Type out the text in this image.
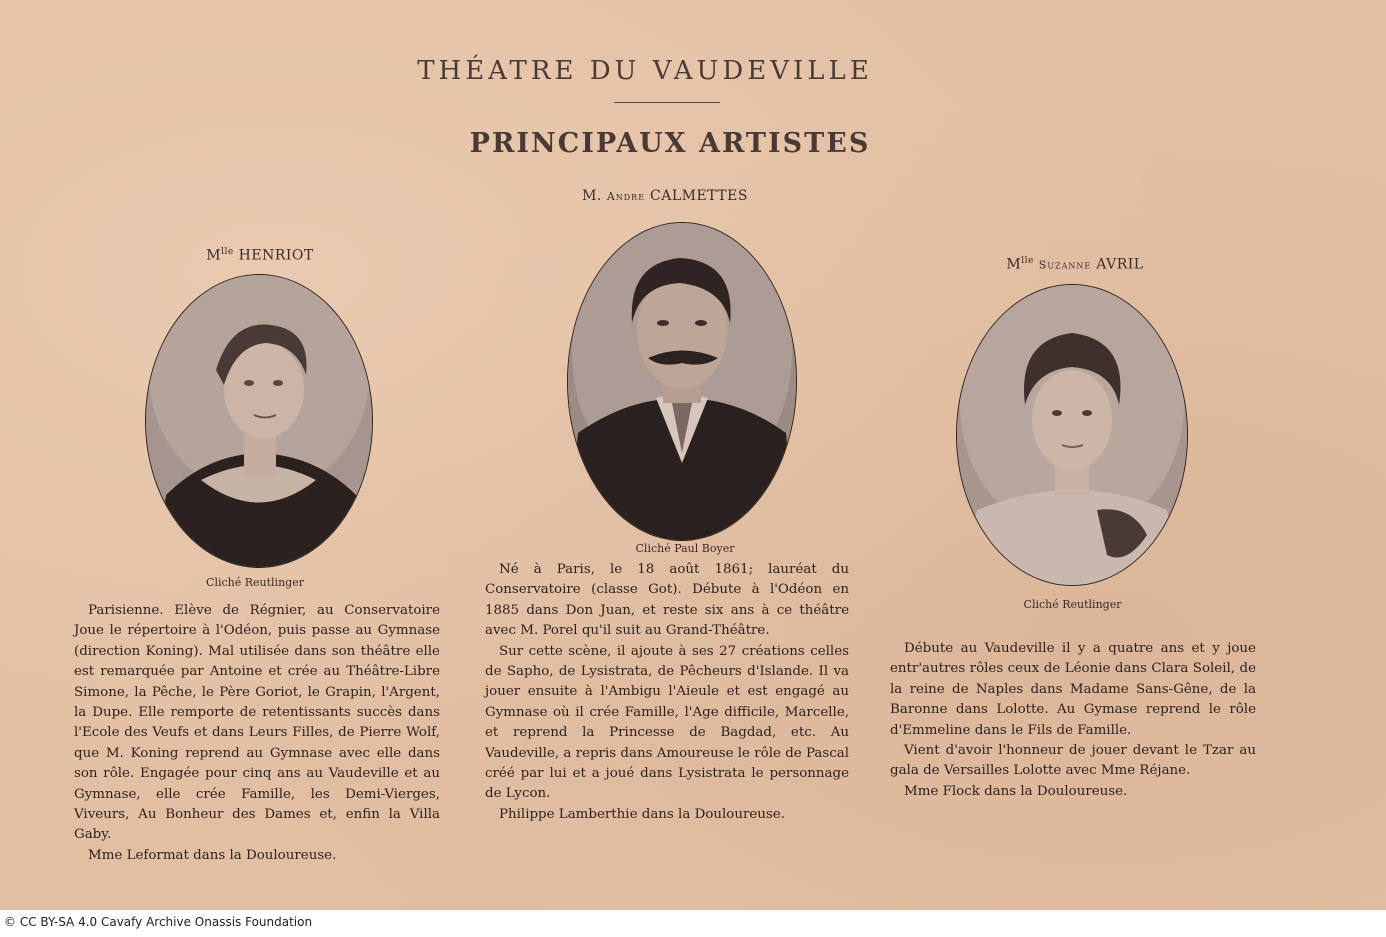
THÉATRE DU VAUDEVILLE
PRINCIPAUX ARTISTES
$M^{lle}$ HENRIOT
Cliché Reutlinger

Parisienne. Elève de Régnier, au Conservatoire Joue le répertoire à l'Odéon, puis passe au Gymnase (direction Koning). Mal utilisée dans son théâtre elle est remarquée par Antoine et crée au Théâtre-Libre Simone, la Pêche, le Père Goriot, le Grapin, l'Argent, la Dupe. Elle remporte de retentissants succès dans l'Ecole des Veufs et dans Leurs Filles, de Pierre Wolf, que M. Koning reprend au Gymnase avec elle dans son rôle. Engagée pour cinq ans au Vaudeville et au Gymnase, elle crée Famille, les Demi-Vierges, Viveurs, Au Bonheur des Dames et, enfin la Villa Gaby.

Mme Leformat dans la Douloureuse.

M. Andre CALMETTES
Cliché Paul Boyer

Né à Paris, le 18 août 1861; lauréat du Conservatoire (classe Got). Débute à l'Odéon en 1885 dans Don Juan, et reste six ans à ce théâtre avec M. Porel qu'il suit au Grand-Théâtre.

Sur cette scène, il ajoute à ses 27 créations celles de Sapho, de Lysistrata, de Pêcheurs d'Islande. Il va jouer ensuite à l'Ambigu l'Aieule et est engagé au Gymnase où il crée Famille, l'Age difficile, Marcelle, et reprend la Princesse de Bagdad, etc. Au Vaudeville, a repris dans Amoureuse le rôle de Pascal créé par lui et a joué dans Lysistrata le personnage de Lycon.

Philippe Lamberthie dans la Douloureuse.

$M^{lle}$ Suzanne AVRIL
Cliché Reutlinger

Débute au Vaudeville il y a quatre ans et y joue entr'autres rôles ceux de Léonie dans Clara Soleil, de la reine de Naples dans Madame Sans-Gêne, de la Baronne dans Lolotte. Au Gymase reprend le rôle d'Emmeline dans le Fils de Famille.

Vient d'avoir l'honneur de jouer devant le Tzar au gala de Versailles Lolotte avec Mme Réjane.

Mme Flock dans la Douloureuse.

© CC BY-SA 4.0 Cavafy Archive Onassis Foundation
